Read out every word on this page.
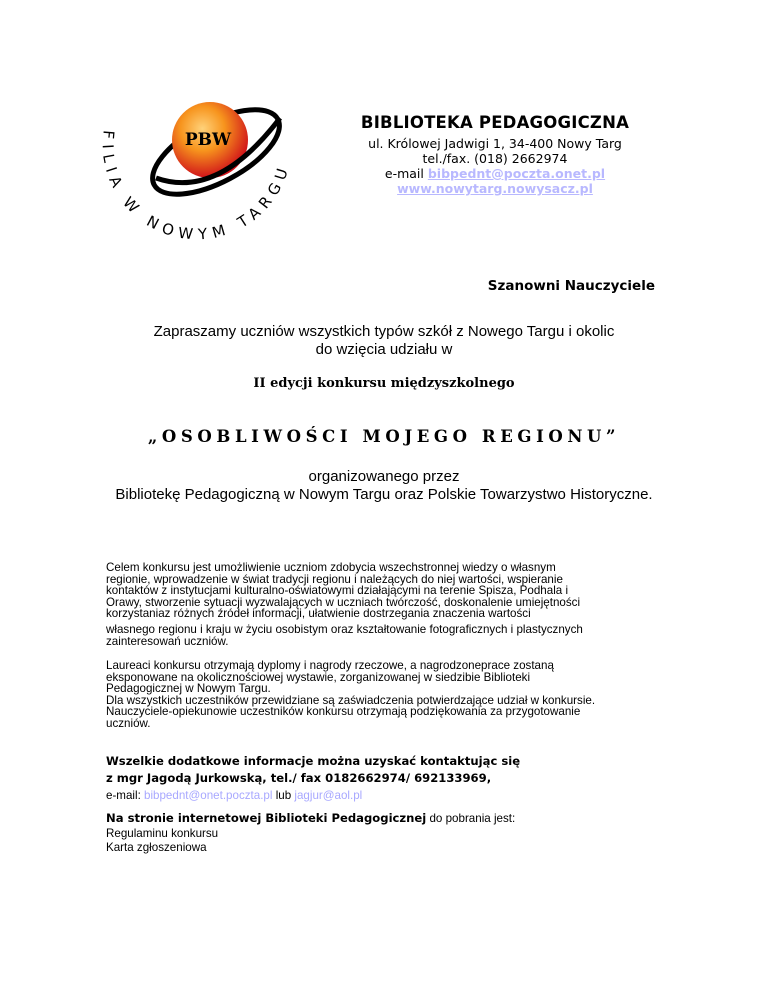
PBW
FILIA W NOWYM TARGU
BIBLIOTEKA PEDAGOGICZNA
ul. Królowej Jadwigi 1, 34-400 Nowy Targ
tel./fax. (018) 2662974
e-mail bibpednt@poczta.onet.pl
www.nowytarg.nowysacz.pl
Szanowni Nauczyciele
Zapraszamy uczniów wszystkich typów szkół z Nowego Targu i okolic
do wzięcia udziału w
II edycji konkursu międzyszkolnego
„OSOBLIWOŚCI MOJEGO REGIONU”
organizowanego przez
Bibliotekę Pedagogiczną w Nowym Targu oraz Polskie Towarzystwo Historyczne.

Celem konkursu jest umożliwienie uczniom zdobycia wszechstronnej wiedzy o własnym

regionie, wprowadzenie w świat tradycji regionu i należących do niej wartości, wspieranie

kontaktów z instytucjami kulturalno-oświatowymi działającymi na terenie Spisza, Podhala i

Orawy, stworzenie sytuacji wyzwalających w uczniach twórczość, doskonalenie umiejętności

korzystaniaz różnych źródeł informacji, ułatwienie dostrzegania znaczenia wartości

własnego regionu i kraju w życiu osobistym oraz kształtowanie fotograficznych i plastycznych

zainteresowań uczniów.

Laureaci konkursu otrzymają dyplomy i nagrody rzeczowe, a nagrodzoneprace zostaną

eksponowane na okolicznościowej wystawie, zorganizowanej w siedzibie Biblioteki

Pedagogicznej w Nowym Targu.

Dla wszystkich uczestników przewidziane są zaświadczenia potwierdzające udział w konkursie.

Nauczyciele-opiekunowie uczestników konkursu otrzymają podziękowania za przygotowanie

uczniów.

Wszelkie dodatkowe informacje można uzyskać kontaktując się
z mgr Jagodą Jurkowską, tel./ fax 0182662974/ 692133969,
e-mail: bibpednt@onet.poczta.pl lub jagjur@aol.pl
Na stronie internetowej Biblioteki Pedagogicznej do pobrania jest:
Regulaminu konkursu
Karta zgłoszeniowa
